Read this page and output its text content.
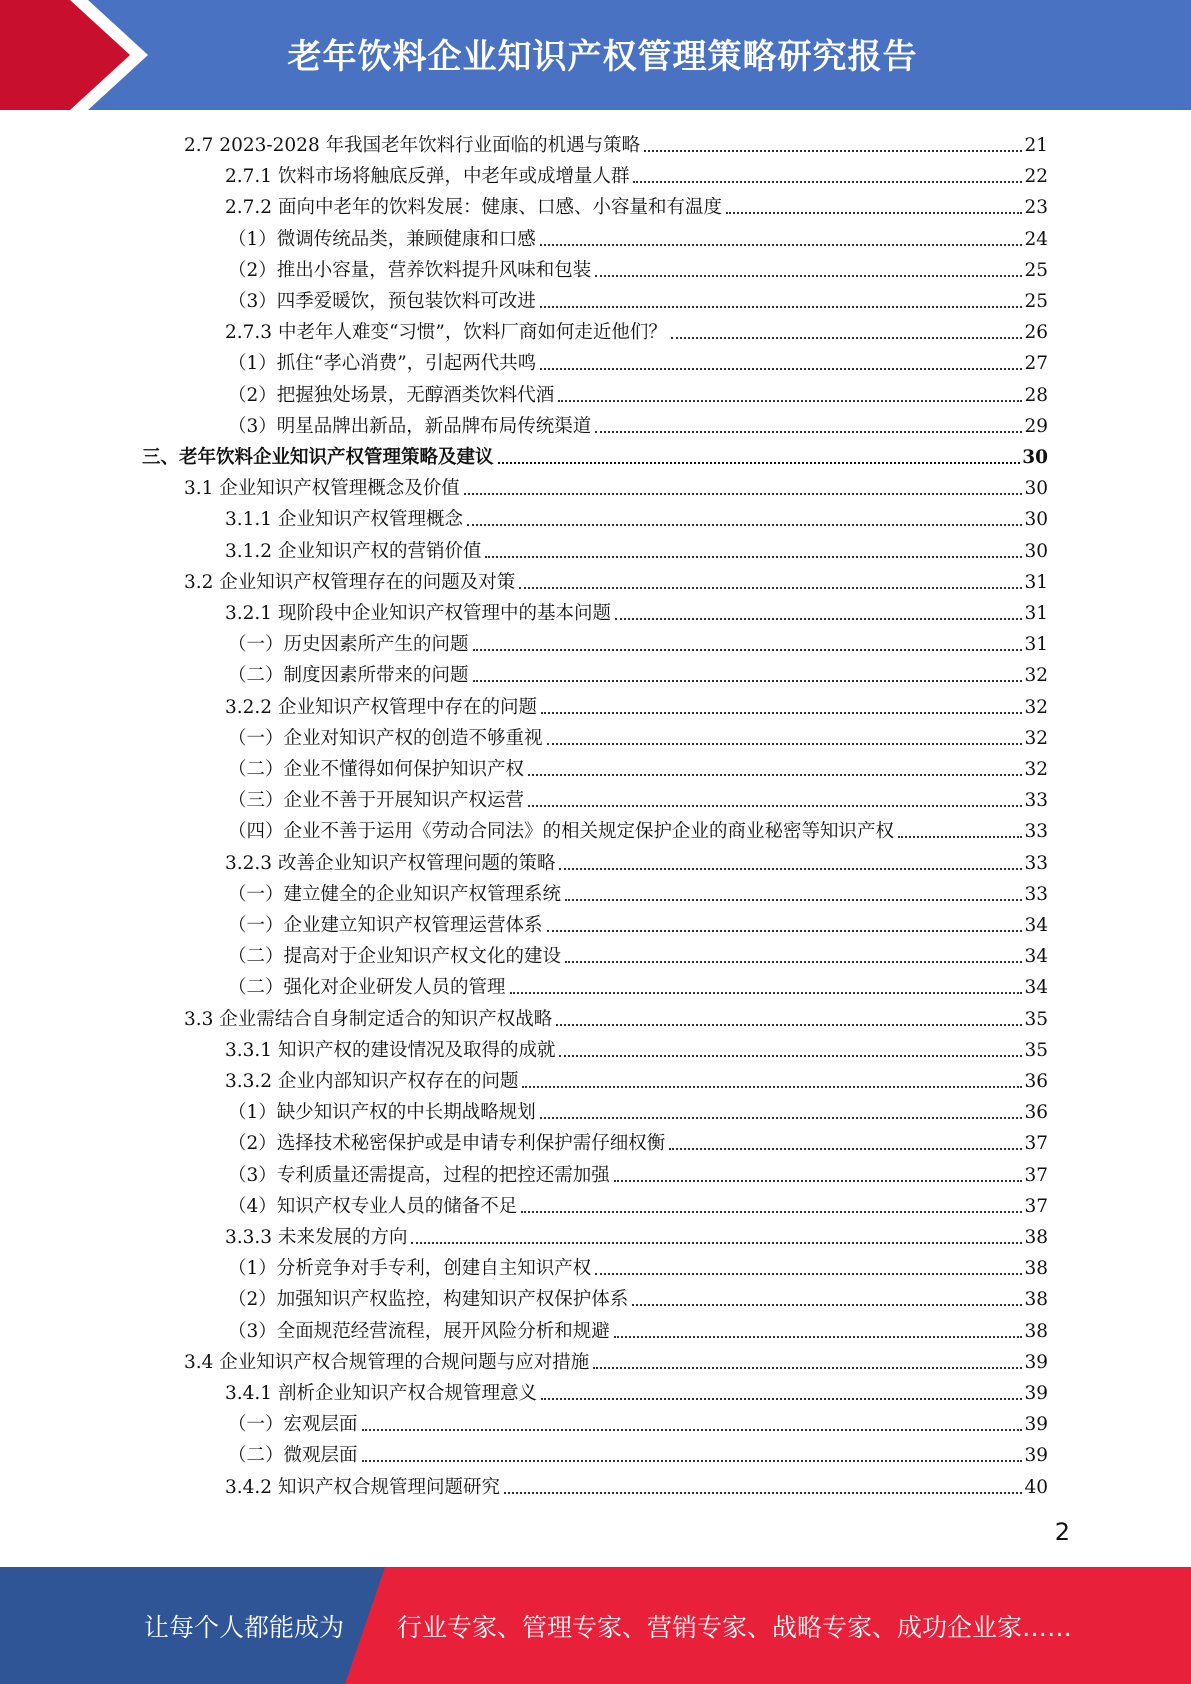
老年饮料企业知识产权管理策略研究报告
2.7 2023-2028 年我国老年饮料行业面临的机遇与策略	21
2.7.1 饮料市场将触底反弹，中老年或成增量人群	22
2.7.2 面向中老年的饮料发展：健康、口感、小容量和有温度	23
（1）微调传统品类，兼顾健康和口感	24
（2）推出小容量，营养饮料提升风味和包装	25
（3）四季爱暖饮，预包装饮料可改进	25
2.7.3 中老年人难变“习惯”，饮料厂商如何走近他们？	26
（1）抓住“孝心消费”，引起两代共鸣	27
（2）把握独处场景，无醇酒类饮料代酒	28
（3）明星品牌出新品，新品牌布局传统渠道	29
三、老年饮料企业知识产权管理策略及建议	30
3.1 企业知识产权管理概念及价值	30
3.1.1 企业知识产权管理概念	30
3.1.2 企业知识产权的营销价值	30
3.2 企业知识产权管理存在的问题及对策	31
3.2.1 现阶段中企业知识产权管理中的基本问题	31
（一）历史因素所产生的问题	31
（二）制度因素所带来的问题	32
3.2.2 企业知识产权管理中存在的问题	32
（一）企业对知识产权的创造不够重视	32
（二）企业不懂得如何保护知识产权	32
（三）企业不善于开展知识产权运营	33
（四）企业不善于运用《劳动合同法》的相关规定保护企业的商业秘密等知识产权	33
3.2.3 改善企业知识产权管理问题的策略	33
（一）建立健全的企业知识产权管理系统	33
（一）企业建立知识产权管理运营体系	34
（二）提高对于企业知识产权文化的建设	34
（二）强化对企业研发人员的管理	34
3.3 企业需结合自身制定适合的知识产权战略	35
3.3.1 知识产权的建设情况及取得的成就	35
3.3.2 企业内部知识产权存在的问题	36
（1）缺少知识产权的中长期战略规划	36
（2）选择技术秘密保护或是申请专利保护需仔细权衡	37
（3）专利质量还需提高，过程的把控还需加强	37
（4）知识产权专业人员的储备不足	37
3.3.3 未来发展的方向	38
（1）分析竞争对手专利，创建自主知识产权	38
（2）加强知识产权监控，构建知识产权保护体系	38
（3）全面规范经营流程，展开风险分析和规避	38
3.4 企业知识产权合规管理的合规问题与应对措施	39
3.4.1 剖析企业知识产权合规管理意义	39
（一）宏观层面	39
（二）微观层面	39
3.4.2 知识产权合规管理问题研究	40
2
让每个人都能成为 行业专家、管理专家、营销专家、战略专家、成功企业家……
